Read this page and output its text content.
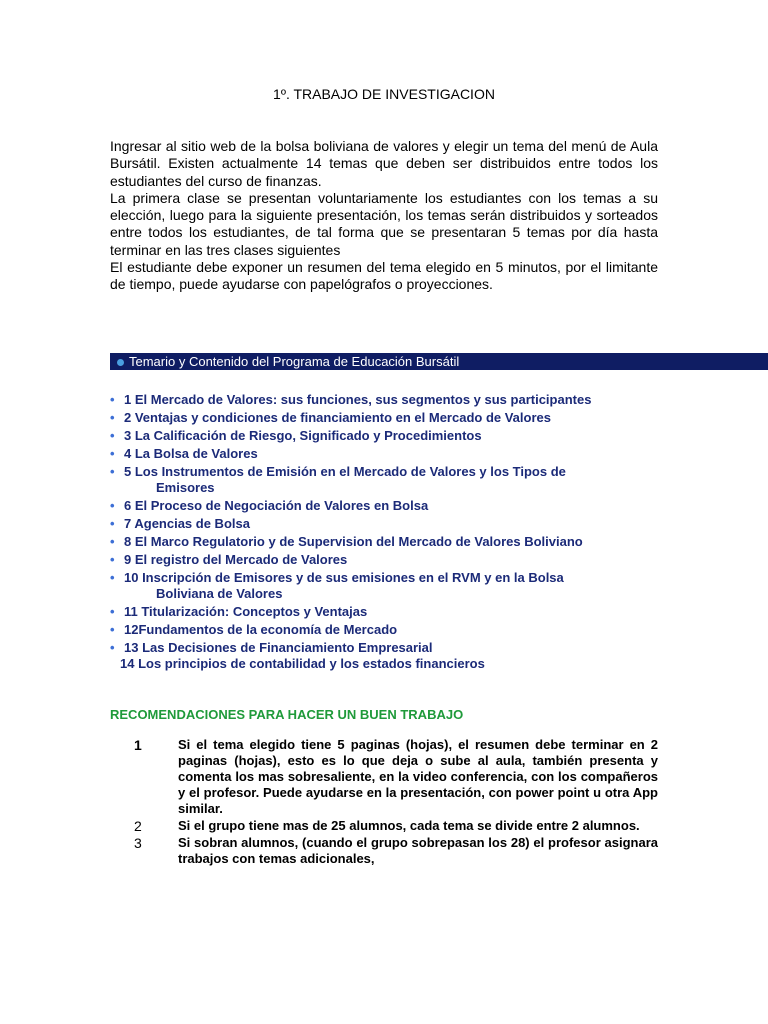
1º. TRABAJO DE INVESTIGACION

Ingresar al sitio web de la bolsa boliviana de valores y elegir un tema del menú de Aula Bursátil. Existen actualmente 14 temas que deben ser distribuidos entre todos los estudiantes del curso de finanzas.

La primera clase se presentan voluntariamente los estudiantes con los temas a su elección, luego para la siguiente presentación, los temas serán distribuidos y sorteados entre todos los estudiantes, de tal forma que se presentaran 5 temas por día hasta terminar en las tres clases siguientes

El estudiante debe exponer un resumen del tema elegido en 5 minutos, por el limitante de tiempo, puede ayudarse con papelógrafos o proyecciones.

Temario y Contenido del Programa de Educación Bursátil
• 1 El Mercado de Valores: sus funciones, sus segmentos y sus participantes
• 2 Ventajas y condiciones de financiamiento en el Mercado de Valores
• 3 La Calificación de Riesgo, Significado y Procedimientos
• 4 La Bolsa de Valores
• 5 Los Instrumentos de Emisión en el Mercado de Valores y los Tipos de
Emisores
• 6 El Proceso de Negociación de Valores en Bolsa
• 7 Agencias de Bolsa
• 8 El Marco Regulatorio y de Supervision del Mercado de Valores Boliviano
• 9 El registro del Mercado de Valores
• 10 Inscripción de Emisores y de sus emisiones en el RVM y en la Bolsa
Boliviana de Valores
• 11 Titularización: Conceptos y Ventajas
• 12Fundamentos de la economía de Mercado
• 13 Las Decisiones de Financiamiento Empresarial
14 Los principios de contabilidad y los estados financieros
RECOMENDACIONES PARA HACER UN BUEN TRABAJO
1	Si el tema elegido tiene 5 paginas (hojas), el resumen debe terminar en 2 paginas (hojas), esto es lo que deja o sube al aula, también presenta y comenta los mas sobresaliente, en la video conferencia, con los compañeros y el profesor. Puede ayudarse en la presentación, con power point u otra App similar.
2	Si el grupo tiene mas de 25 alumnos, cada tema se divide entre 2 alumnos.
3	Si sobran alumnos, (cuando el grupo sobrepasan los 28) el profesor asignara trabajos con temas adicionales,
